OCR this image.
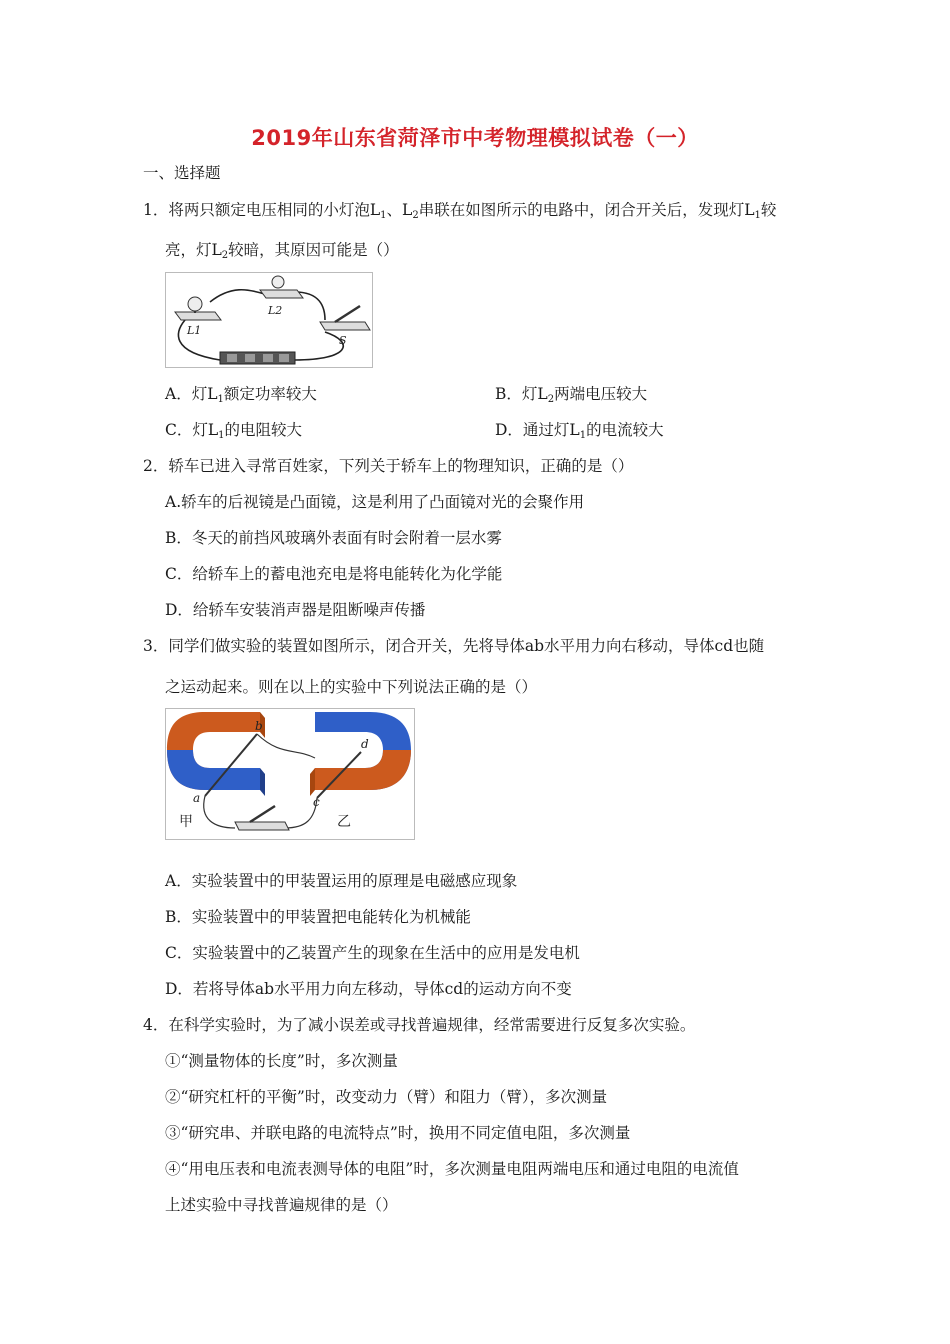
2019年山东省菏泽市中考物理模拟试卷（一）
一、选择题
1．将两只额定电压相同的小灯泡$L_1$、$L_2$串联在如图所示的电路中，闭合开关后，发现灯$L_1$较
亮，灯$L_2$较暗，其原因可能是（）
L1
L2
S
A．灯$L_1$额定功率较大	B．灯$L_2$两端电压较大
C．灯$L_1$的电阻较大	D．通过灯$L_1$的电流较大
2．轿车已进入寻常百姓家，下列关于轿车上的物理知识，正确的是（）
A.轿车的后视镜是凸面镜，这是利用了凸面镜对光的会聚作用
B．冬天的前挡风玻璃外表面有时会附着一层水雾
C．给轿车上的蓄电池充电是将电能转化为化学能
D．给轿车安装消声器是阻断噪声传播
3．同学们做实验的装置如图所示，闭合开关，先将导体ab水平用力向右移动，导体cd也随
之运动起来。则在以上的实验中下列说法正确的是（）
a
b
c
d
甲	乙
A．实验装置中的甲装置运用的原理是电磁感应现象
B．实验装置中的甲装置把电能转化为机械能
C．实验装置中的乙装置产生的现象在生活中的应用是发电机
D．若将导体ab水平用力向左移动，导体cd的运动方向不变
4．在科学实验时，为了减小误差或寻找普遍规律，经常需要进行反复多次实验。
①“测量物体的长度”时，多次测量
②“研究杠杆的平衡”时，改变动力（臂）和阻力（臂），多次测量
③“研究串、并联电路的电流特点”时，换用不同定值电阻，多次测量
④“用电压表和电流表测导体的电阻”时，多次测量电阻两端电压和通过电阻的电流值
上述实验中寻找普遍规律的是（）
